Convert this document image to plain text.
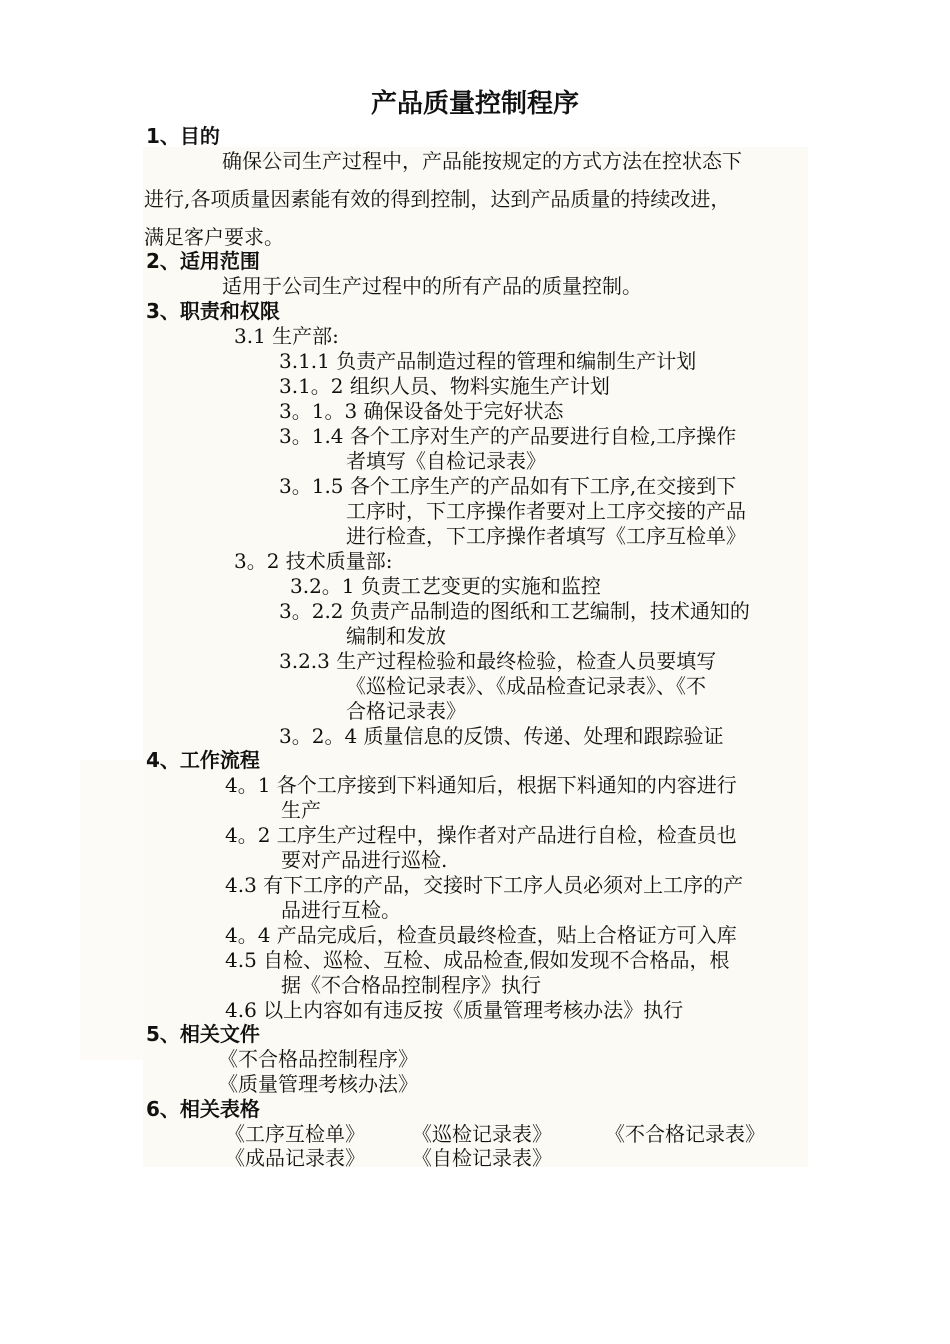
产品质量控制程序
1、目的
确保公司生产过程中，产品能按规定的方式方法在控状态下
进行,各项质量因素能有效的得到控制，达到产品质量的持续改进，
满足客户要求。
2、适用范围
适用于公司生产过程中的所有产品的质量控制。
3、职责和权限
3.1 生产部:
3.1.1 负责产品制造过程的管理和编制生产计划
3.1。2 组织人员、物料实施生产计划
3。1。3 确保设备处于完好状态
3。1.4 各个工序对生产的产品要进行自检,工序操作
者填写《自检记录表》
3。1.5 各个工序生产的产品如有下工序,在交接到下
工序时，下工序操作者要对上工序交接的产品
进行检查，下工序操作者填写《工序互检单》
3。2 技术质量部:
3.2。1 负责工艺变更的实施和监控
3。2.2 负责产品制造的图纸和工艺编制，技术通知的
编制和发放
3.2.3 生产过程检验和最终检验，检查人员要填写
《巡检记录表》、《成品检查记录表》、《不
合格记录表》
3。2。4 质量信息的反馈、传递、处理和跟踪验证
4、工作流程
4。1 各个工序接到下料通知后，根据下料通知的内容进行
生产
4。2 工序生产过程中，操作者对产品进行自检，检查员也
要对产品进行巡检.
4.3 有下工序的产品，交接时下工序人员必须对上工序的产
品进行互检。
4。4 产品完成后，检查员最终检查，贴上合格证方可入库
4.5 自检、巡检、互检、成品检查,假如发现不合格品，根
据《不合格品控制程序》执行
4.6 以上内容如有违反按《质量管理考核办法》执行
5、相关文件
《不合格品控制程序》
《质量管理考核办法》
6、相关表格
《工序互检单》 《巡检记录表》	《不合格记录表》
《成品记录表》 《自检记录表》
